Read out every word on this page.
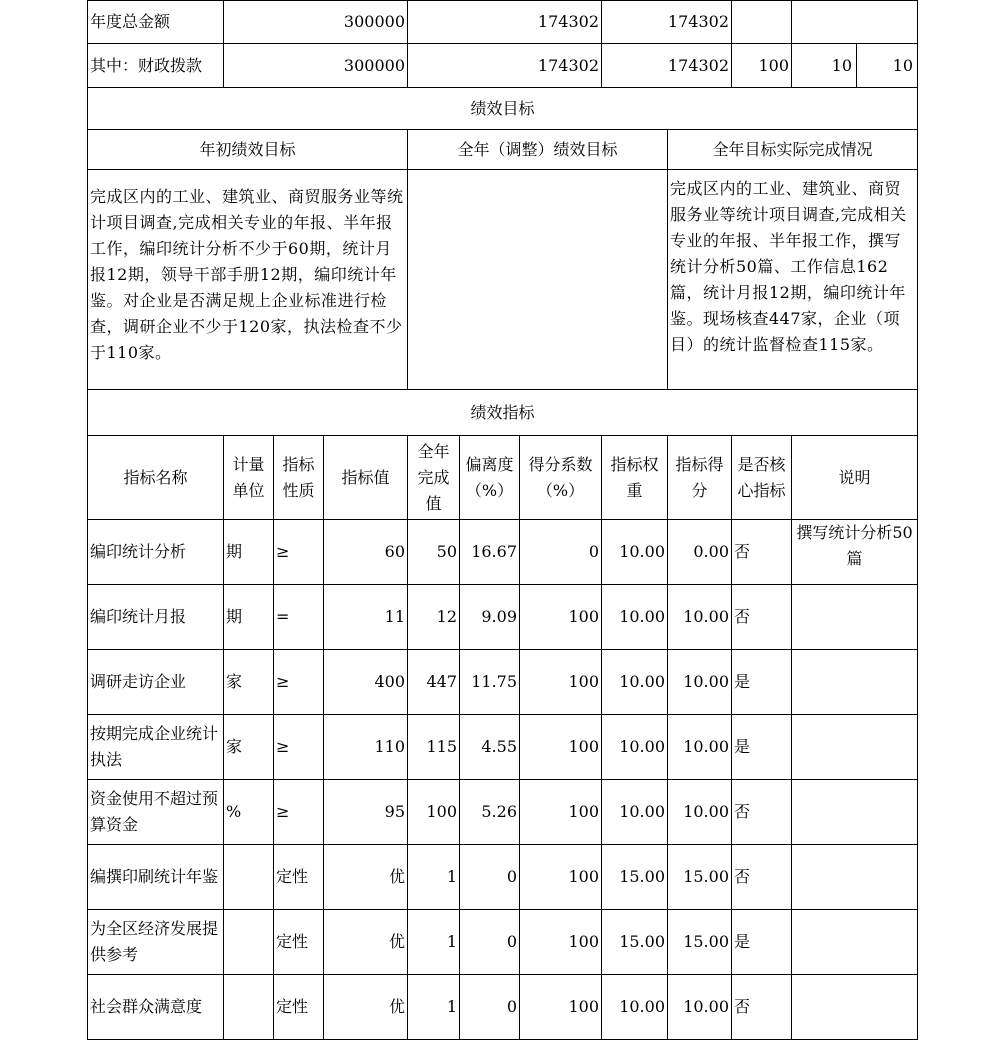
年度总金额	300000			174302			174302			
其中：财政拨款	300000			174302			174302		100	10 10

绩效目标										
年初绩效目标				全年（调整）绩效目标				全年目标实际完成情况		
完成区内的工业、建筑业、商贸服务业等统计项目调查,完成相关专业的年报、半年报工作，编印统计分析不少于60期，统计月报12期，领导干部手册12期，编印统计年鉴。对企业是否满足规上企业标准进行检查，调研企业不少于120家，执法检查不少于110家。								完成区内的工业、建筑业、商贸服务业等统计项目调查,完成相关专业的年报、半年报工作，撰写统计分析50篇、工作信息162篇，统计月报12期，编印统计年鉴。现场核查447家，企业（项目）的统计监督检查115家。		
绩效指标										
指标名称	计量单位	指标性质	指标值	全年完成值	偏离度（%）	得分系数（%）	指标权重	指标得分	是否核心指标	说明
编印统计分析	期	≥	60	50	16.67	0	10.00	0.00	否	撰写统计分析50篇
编印统计月报	期	=	11	12	9.09	100	10.00	10.00	否	
调研走访企业	家	≥	400	447	11.75	100	10.00	10.00	是	
按期完成企业统计执法	家	≥	110	115	4.55	100	10.00	10.00	是	
资金使用不超过预算资金	%	≥	95	100	5.26	100	10.00	10.00	否	
编撰印刷统计年鉴		定性	优	1	0	100	15.00	15.00	否	
为全区经济发展提供参考		定性	优	1	0	100	15.00	15.00	是	
社会群众满意度		定性	优	1	0	100	10.00	10.00	否	
